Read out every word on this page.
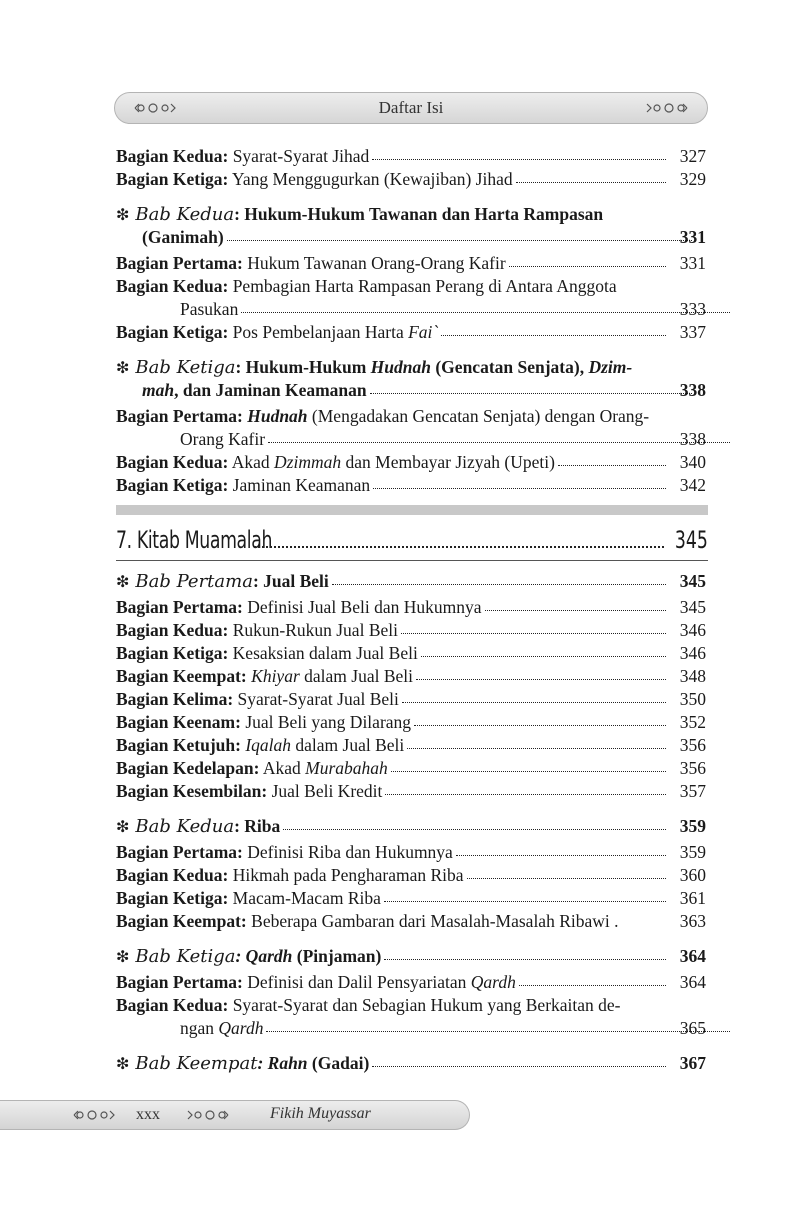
Daftar Isi
Bagian Kedua: Syarat-Syarat Jihad	327
Bagian Ketiga: Yang Menggugurkan (Kewajiban) Jihad	329
❇ Bab Kedua: Hukum-Hukum Tawanan dan Harta Rampasan
(Ganimah)	331
Bagian Pertama: Hukum Tawanan Orang-Orang Kafir	331
Bagian Kedua: Pembagian Harta Rampasan Perang di Antara Anggota
Pasukan	333
Bagian Ketiga: Pos Pembelanjaan Harta Fai`	337
❇ Bab Ketiga: Hukum-Hukum Hudnah (Gencatan Senjata), Dzim-
mah, dan Jaminan Keamanan	338
Bagian Pertama: Hudnah (Mengadakan Gencatan Senjata) dengan Orang-
Orang Kafir	338
Bagian Kedua: Akad Dzimmah dan Membayar Jizyah (Upeti)	340
Bagian Ketiga: Jaminan Keamanan	342
7. Kitab Muamalah	345
❇ Bab Pertama: Jual Beli	345
Bagian Pertama: Definisi Jual Beli dan Hukumnya	345
Bagian Kedua: Rukun-Rukun Jual Beli	346
Bagian Ketiga: Kesaksian dalam Jual Beli	346
Bagian Keempat: Khiyar dalam Jual Beli	348
Bagian Kelima: Syarat-Syarat Jual Beli	350
Bagian Keenam: Jual Beli yang Dilarang	352
Bagian Ketujuh: Iqalah dalam Jual Beli	356
Bagian Kedelapan: Akad Murabahah	356
Bagian Kesembilan: Jual Beli Kredit	357
❇ Bab Kedua: Riba	359
Bagian Pertama: Definisi Riba dan Hukumnya	359
Bagian Kedua: Hikmah pada Pengharaman Riba	360
Bagian Ketiga: Macam-Macam Riba	361
Bagian Keempat: Beberapa Gambaran dari Masalah-Masalah Ribawi .	363
❇ Bab Ketiga: Qardh (Pinjaman)	364
Bagian Pertama: Definisi dan Dalil Pensyariatan Qardh	364
Bagian Kedua: Syarat-Syarat dan Sebagian Hukum yang Berkaitan de-
ngan Qardh	365
❇ Bab Keempat: Rahn (Gadai)	367
xxx	Fikih Muyassar
